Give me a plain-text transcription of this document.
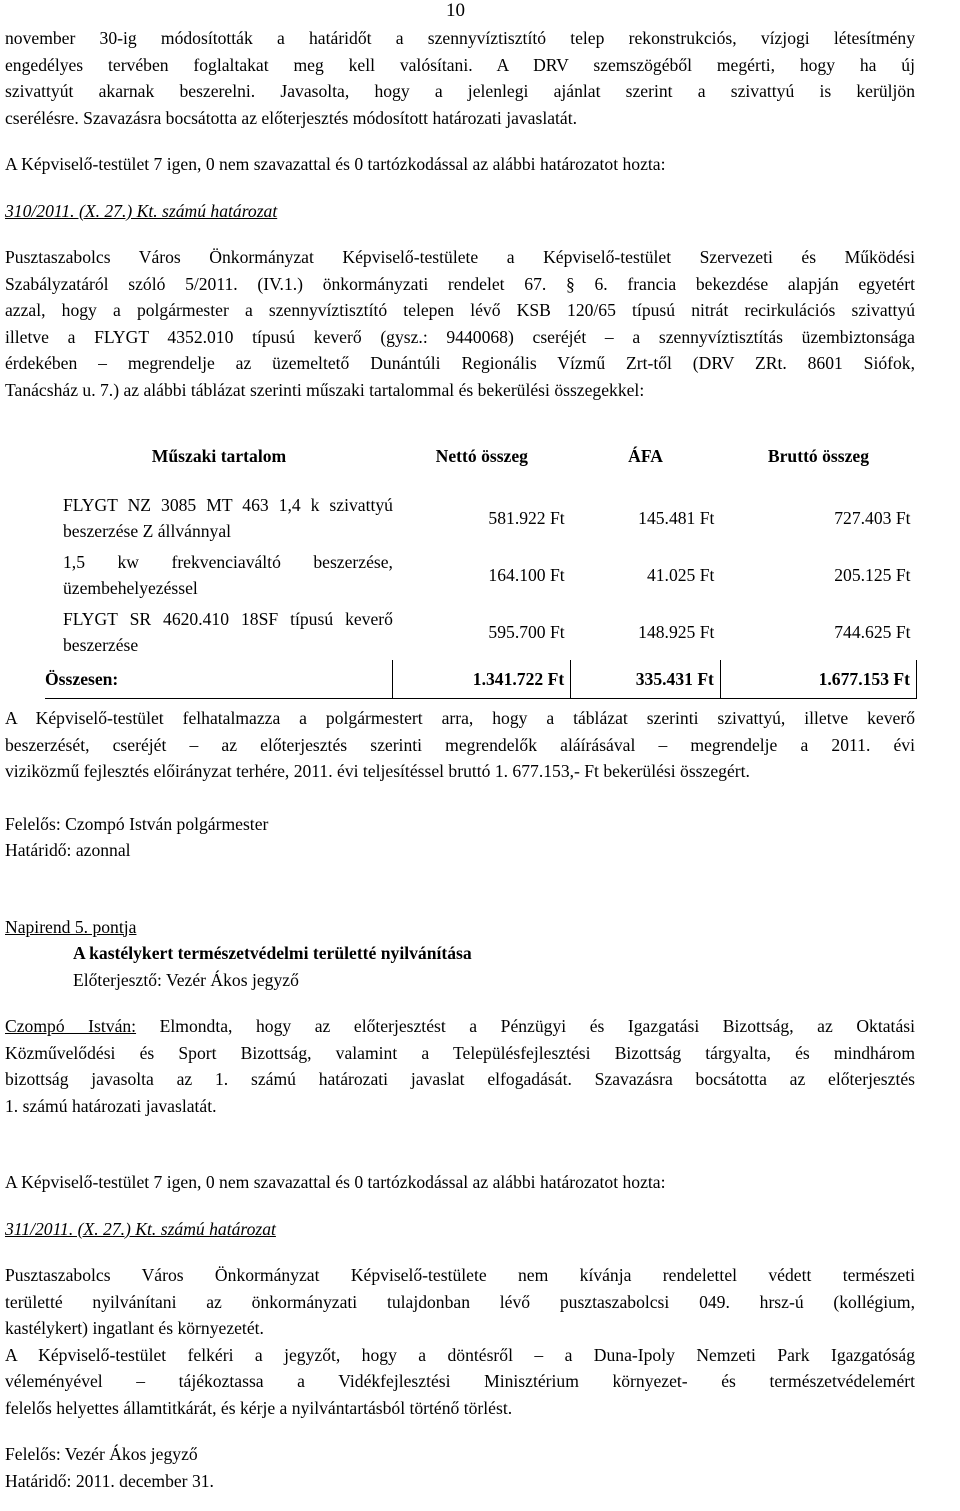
10

november 30-ig módosították a határidőt a szennyvíztisztító telep rekonstrukciós, vízjogi létesítmény

engedélyes tervében foglaltakat meg kell valósítani. A DRV szemszögéből megérti, hogy ha új

szivattyút akarnak beszerelni. Javasolta, hogy a jelenlegi ajánlat szerint a szivattyú is kerüljön

cserélésre. Szavazásra bocsátotta az előterjesztés módosított határozati javaslatát.

A Képviselő-testület 7 igen, 0 nem szavazattal és 0 tartózkodással az alábbi határozatot hozta:

310/2011. (X. 27.) Kt. számú határozat

Pusztaszabolcs Város Önkormányzat Képviselő-testülete a Képviselő-testület Szervezeti és Működési

Szabályzatáról szóló 5/2011. (IV.1.) önkormányzati rendelet 67. § 6. francia bekezdése alapján egyetért

azzal, hogy a polgármester a szennyvíztisztító telepen lévő KSB 120/65 típusú nitrát recirkulációs szivattyú

illetve a FLYGT 4352.010 típusú keverő (gysz.: 9440068) cseréjét – a szennyvíztisztítás üzembiztonsága

érdekében – megrendelje az üzemeltető Dunántúli Regionális Vízmű Zrt-től (DRV ZRt. 8601 Siófok,

Tanácsház u. 7.) az alábbi táblázat szerinti műszaki tartalommal és bekerülési összegekkel:

Műszaki tartalom	Nettó összeg	ÁFA	Bruttó összeg
FLYGT NZ 3085 MT 463 1,4 k szivattyú beszerzése Z állvánnyal	581.922 Ft	145.481 Ft	727.403 Ft
1,5 kw frekvenciaváltó beszerzése, üzembehelyezéssel	164.100 Ft	41.025 Ft	205.125 Ft
FLYGT SR 4620.410 18SF típusú keverő beszerzése	595.700 Ft	148.925 Ft	744.625 Ft
Összesen:	1.341.722 Ft	335.431 Ft	1.677.153 Ft

A Képviselő-testület felhatalmazza a polgármestert arra, hogy a táblázat szerinti szivattyú, illetve keverő

beszerzését, cseréjét – az előterjesztés szerinti megrendelők aláírásával – megrendelje a 2011. évi

viziközmű fejlesztés előirányzat terhére, 2011. évi teljesítéssel bruttó 1. 677.153,- Ft bekerülési összegért.

Felelős: Czompó István polgármester

Határidő: azonnal

Napirend 5. pontja

A kastélykert természetvédelmi területté nyilvánítása

Előterjesztő: Vezér Ákos jegyző

Czompó István: Elmondta, hogy az előterjesztést a Pénzügyi és Igazgatási Bizottság, az Oktatási

Közművelődési és Sport Bizottság, valamint a Településfejlesztési Bizottság tárgyalta, és mindhárom

bizottság javasolta az 1. számú határozati javaslat elfogadását. Szavazásra bocsátotta az előterjesztés

1. számú határozati javaslatát.

A Képviselő-testület 7 igen, 0 nem szavazattal és 0 tartózkodással az alábbi határozatot hozta:

311/2011. (X. 27.) Kt. számú határozat

Pusztaszabolcs Város Önkormányzat Képviselő-testülete nem kívánja rendelettel védett természeti

területté nyilvánítani az önkormányzati tulajdonban lévő pusztaszabolcsi 049. hrsz-ú (kollégium,

kastélykert) ingatlant és környezetét.

A Képviselő-testület felkéri a jegyzőt, hogy a döntésről – a Duna-Ipoly Nemzeti Park Igazgatóság

véleményével – tájékoztassa a Vidékfejlesztési Minisztérium környezet- és természetvédelemért

felelős helyettes államtitkárát, és kérje a nyilvántartásból történő törlést.

Felelős: Vezér Ákos jegyző

Határidő: 2011. december 31.
